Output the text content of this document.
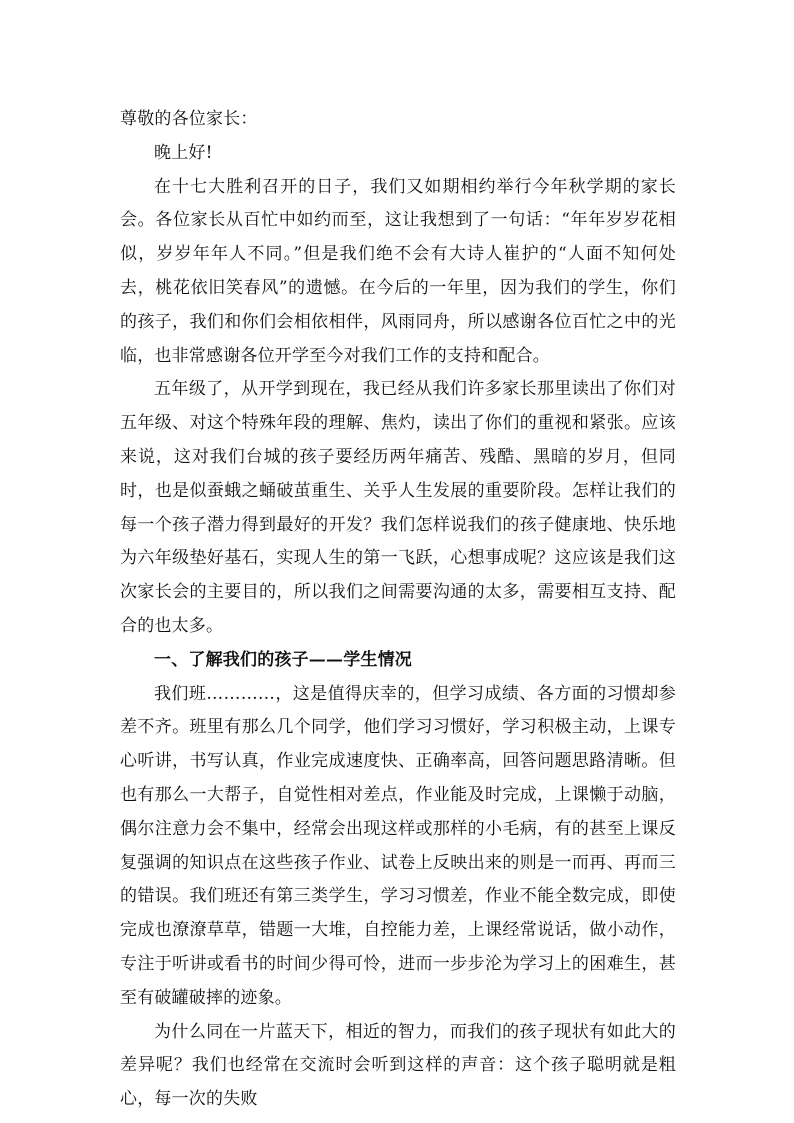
尊敬的各位家长：

晚上好!

在十七大胜利召开的日子，我们又如期相约举行今年秋学期的家长会。各位家长从百忙中如约而至，这让我想到了一句话：“年年岁岁花相似，岁岁年年人不同。”但是我们绝不会有大诗人崔护的“人面不知何处去，桃花依旧笑春风”的遗憾。在今后的一年里，因为我们的学生，你们的孩子，我们和你们会相依相伴，风雨同舟，所以感谢各位百忙之中的光临，也非常感谢各位开学至今对我们工作的支持和配合。

五年级了，从开学到现在，我已经从我们许多家长那里读出了你们对五年级、对这个特殊年段的理解、焦灼，读出了你们的重视和紧张。应该来说，这对我们台城的孩子要经历两年痛苦、残酷、黑暗的岁月，但同时，也是似蚕蛾之蛹破茧重生、关乎人生发展的重要阶段。怎样让我们的每一个孩子潜力得到最好的开发？我们怎样说我们的孩子健康地、快乐地为六年级垫好基石，实现人生的第一飞跃，心想事成呢？这应该是我们这次家长会的主要目的，所以我们之间需要沟通的太多，需要相互支持、配合的也太多。

一、了解我们的孩子——学生情况

我们班…………，这是值得庆幸的，但学习成绩、各方面的习惯却参差不齐。班里有那么几个同学，他们学习习惯好，学习积极主动，上课专心听讲，书写认真，作业完成速度快、正确率高，回答问题思路清晰。但也有那么一大帮子，自觉性相对差点，作业能及时完成，上课懒于动脑，偶尔注意力会不集中，经常会出现这样或那样的小毛病，有的甚至上课反复强调的知识点在这些孩子作业、试卷上反映出来的则是一而再、再而三的错误。我们班还有第三类学生，学习习惯差，作业不能全数完成，即使完成也潦潦草草，错题一大堆，自控能力差，上课经常说话，做小动作，专注于听讲或看书的时间少得可怜，进而一步步沦为学习上的困难生，甚至有破罐破摔的迹象。

为什么同在一片蓝天下，相近的智力，而我们的孩子现状有如此大的差异呢？我们也经常在交流时会听到这样的声音：这个孩子聪明就是粗心，每一次的失败
